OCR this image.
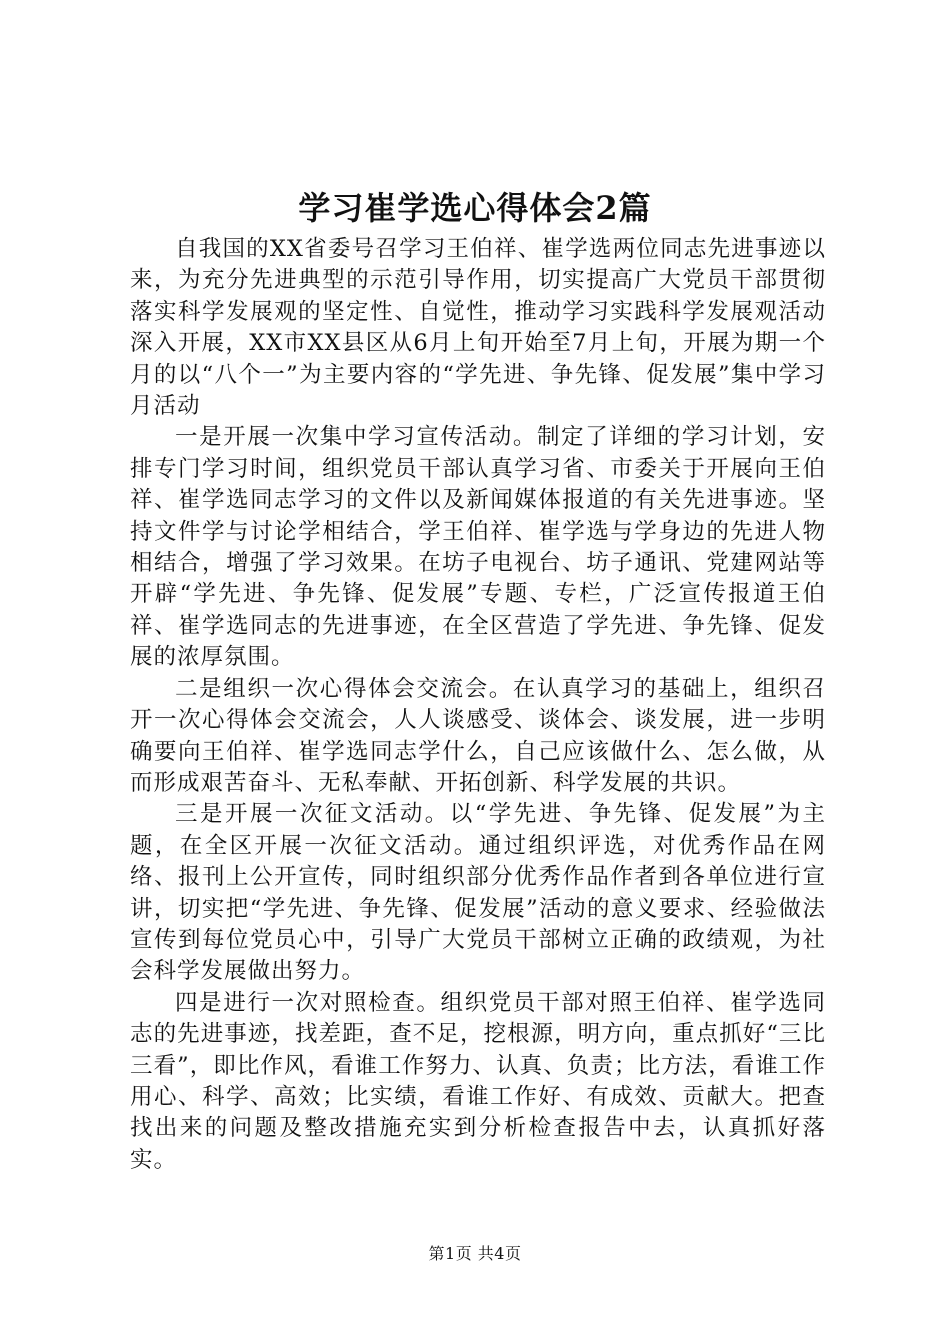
学习崔学选心得体会2篇

自我国的XX省委号召学习王伯祥、崔学选两位同志先进事迹以来，为充分先进典型的示范引导作用，切实提高广大党员干部贯彻落实科学发展观的坚定性、自觉性，推动学习实践科学发展观活动深入开展，XX市XX县区从6月上旬开始至7月上旬，开展为期一个月的以“八个一”为主要内容的“学先进、争先锋、促发展”集中学习月活动

一是开展一次集中学习宣传活动。制定了详细的学习计划，安排专门学习时间，组织党员干部认真学习省、市委关于开展向王伯祥、崔学选同志学习的文件以及新闻媒体报道的有关先进事迹。坚持文件学与讨论学相结合，学王伯祥、崔学选与学身边的先进人物相结合，增强了学习效果。在坊子电视台、坊子通讯、党建网站等开辟“学先进、争先锋、促发展”专题、专栏，广泛宣传报道王伯祥、崔学选同志的先进事迹，在全区营造了学先进、争先锋、促发展的浓厚氛围。

二是组织一次心得体会交流会。在认真学习的基础上，组织召开一次心得体会交流会，人人谈感受、谈体会、谈发展，进一步明确要向王伯祥、崔学选同志学什么，自己应该做什么、怎么做，从而形成艰苦奋斗、无私奉献、开拓创新、科学发展的共识。

三是开展一次征文活动。以“学先进、争先锋、促发展”为主题，在全区开展一次征文活动。通过组织评选，对优秀作品在网络、报刊上公开宣传，同时组织部分优秀作品作者到各单位进行宣讲，切实把“学先进、争先锋、促发展”活动的意义要求、经验做法宣传到每位党员心中，引导广大党员干部树立正确的政绩观，为社会科学发展做出努力。

四是进行一次对照检查。组织党员干部对照王伯祥、崔学选同志的先进事迹，找差距，查不足，挖根源，明方向，重点抓好“三比三看”，即比作风，看谁工作努力、认真、负责；比方法，看谁工作用心、科学、高效；比实绩，看谁工作好、有成效、贡献大。把查找出来的问题及整改措施充实到分析检查报告中去，认真抓好落实。

第1页 共4页
